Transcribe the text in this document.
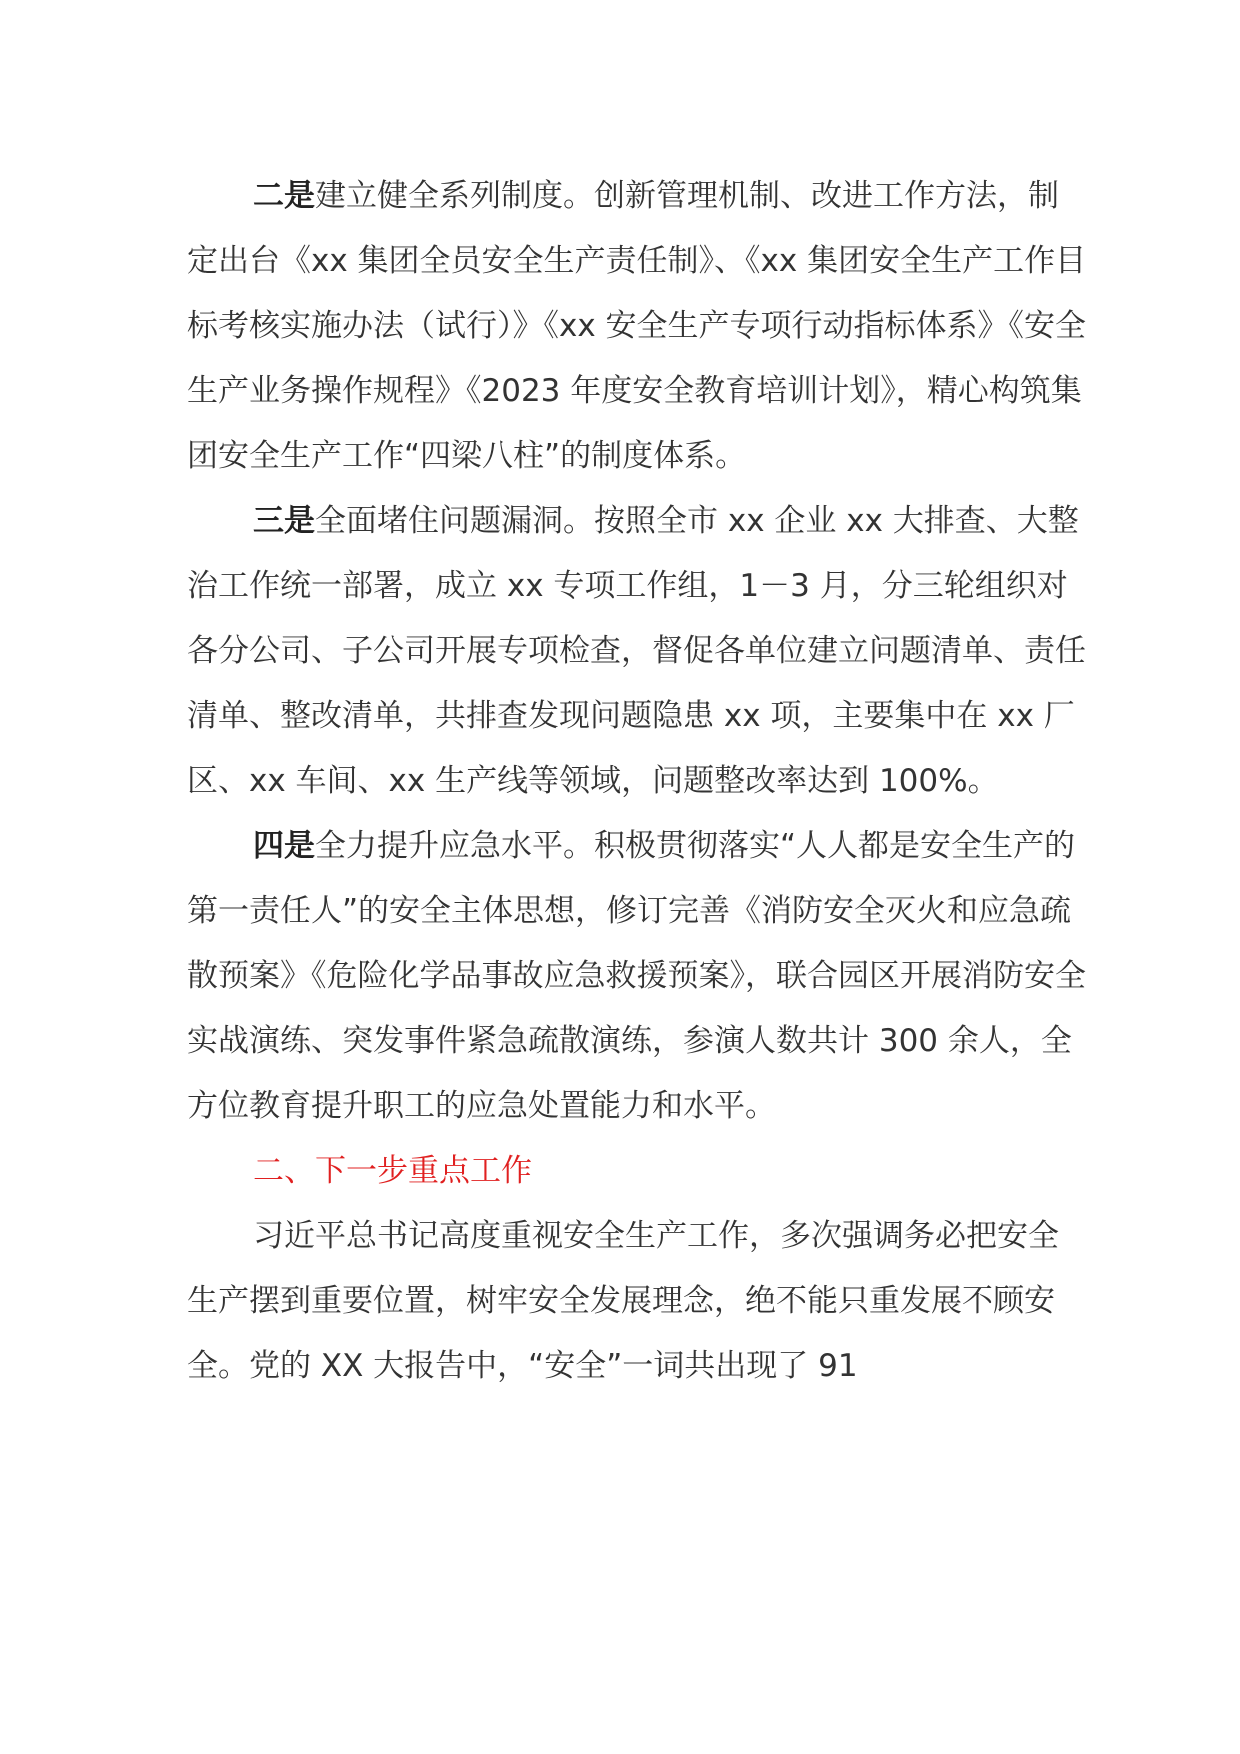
二是建立健全系列制度。创新管理机制、改进工作方法，制定出台《xx 集团全员安全生产责任制》、《xx 集团安全生产工作目标考核实施办法（试行）》《xx 安全生产专项行动指标体系》《安全生产业务操作规程》《2023 年度安全教育培训计划》，精心构筑集团安全生产工作“四梁八柱”的制度体系。

三是全面堵住问题漏洞。按照全市 xx 企业 xx 大排查、大整治工作统一部署，成立 xx 专项工作组，1－3 月，分三轮组织对各分公司、子公司开展专项检查，督促各单位建立问题清单、责任清单、整改清单，共排查发现问题隐患 xx 项，主要集中在 xx 厂区、xx 车间、xx 生产线等领域，问题整改率达到 100%。

四是全力提升应急水平。积极贯彻落实“人人都是安全生产的第一责任人”的安全主体思想，修订完善《消防安全灭火和应急疏散预案》《危险化学品事故应急救援预案》，联合园区开展消防安全实战演练、突发事件紧急疏散演练，参演人数共计 300 余人，全方位教育提升职工的应急处置能力和水平。

二、下一步重点工作

习近平总书记高度重视安全生产工作，多次强调务必把安全生产摆到重要位置，树牢安全发展理念，绝不能只重发展不顾安全。党的 XX 大报告中，“安全”一词共出现了 91
